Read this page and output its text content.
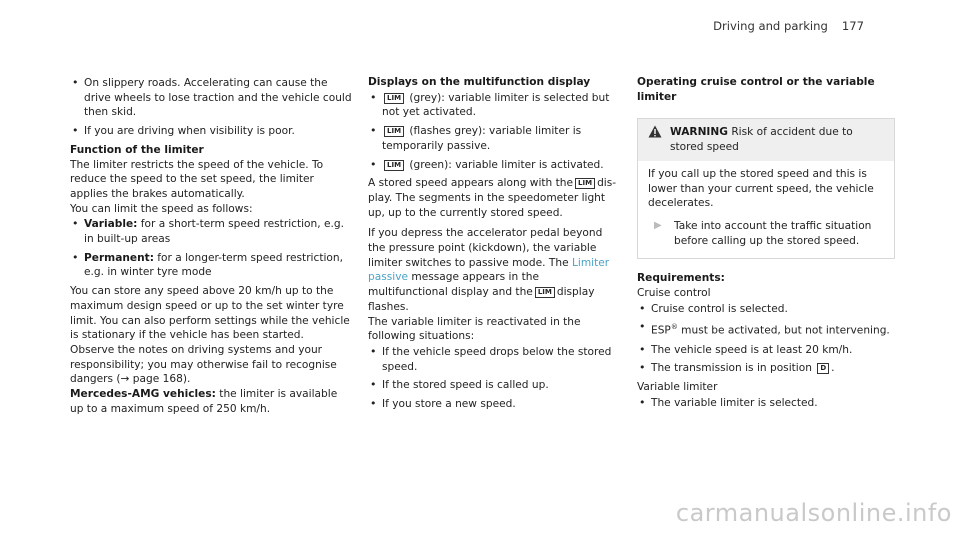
Driving and parking 177
• On slippery roads. Accelerating can cause the drive wheels to lose traction and the vehicle could then skid.
• If you are driving when visibility is poor.

Function of the limiter

The limiter restricts the speed of the vehicle. To reduce the speed to the set speed, the limiter applies the brakes automatically.

You can limit the speed as follows:

• Variable: for a short-term speed restriction, e.g. in built-up areas
• Permanent: for a longer-term speed restriction, e.g. in winter tyre mode

You can store any speed above 20 km/h up to the maximum design speed or up to the set winter tyre limit. You can also perform settings while the vehicle is stationary if the vehicle has been started.

Observe the notes on driving systems and your responsibility; you may otherwise fail to recognise dangers (→ page 168).

Mercedes-AMG vehicles: the limiter is available up to a maximum speed of 250 km/h.

Displays on the multifunction display

• LIM (grey): variable limiter is selected but not yet activated.
• LIM (flashes grey): variable limiter is temporarily passive.
• LIM (green): variable limiter is activated.

A stored speed appears along with the LIM display. The segments in the speedometer light up, up to the currently stored speed.

If you depress the accelerator pedal beyond the pressure point (kickdown), the variable limiter switches to passive mode. The Limiter passive message appears in the multifunctional display and the LIM display flashes.

The variable limiter is reactivated in the following situations:

• If the vehicle speed drops below the stored speed.
• If the stored speed is called up.
• If you store a new speed.

Operating cruise control or the variable limiter

WARNING Risk of accident due to stored speed

If you call up the stored speed and this is lower than your current speed, the vehicle decelerates.

▶	Take into account the traffic situation before calling up the stored speed.

Requirements:

Cruise control

• Cruise control is selected.
• ESP® must be activated, but not intervening.
• The vehicle speed is at least 20 km/h.
• The transmission is in position D .

Variable limiter

• The variable limiter is selected.
carmanualsonline.info
